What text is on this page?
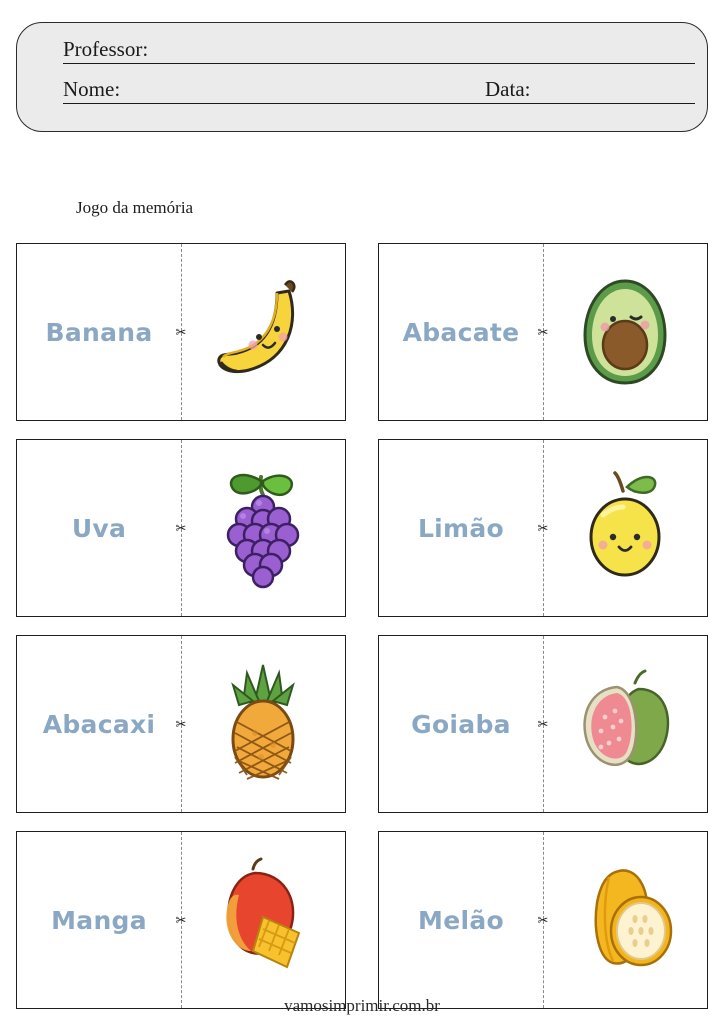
Professor:
Nome:	Data:
Jogo da memória
Banana	✂	Abacate	✂
Uva	✂	Limão	✂
Abacaxi	✂	Goiaba	✂
Manga	✂	Melão	✂
vamosimprimir.com.br
